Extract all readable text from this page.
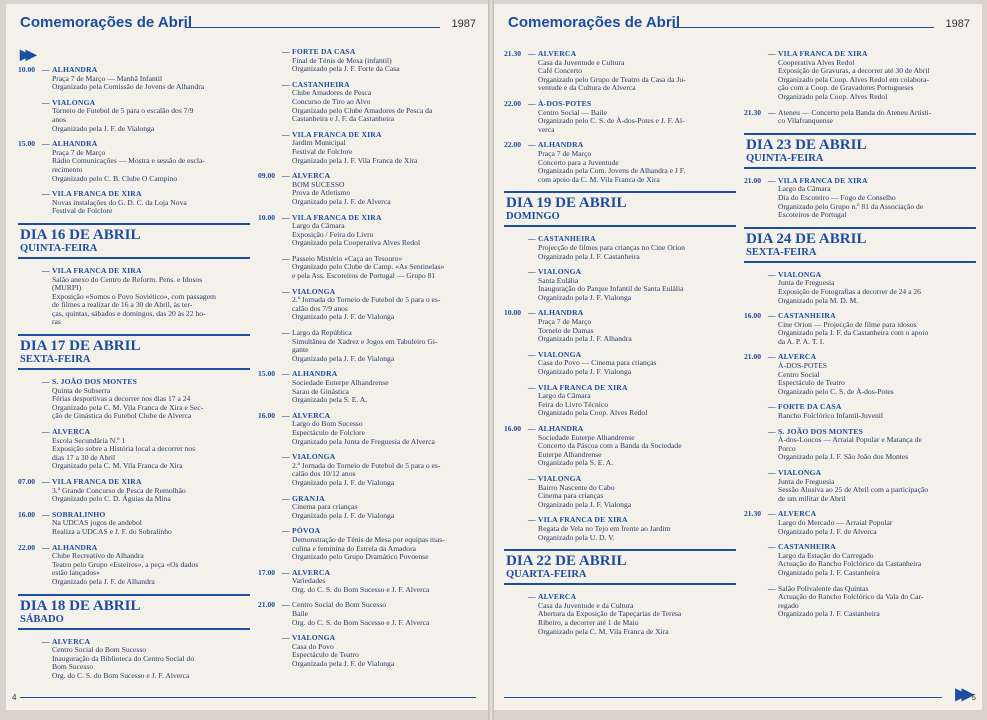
Comemorações de Abril	1987
▶▶
10.00 — ALHANDRA
Praça 7 de Março — Manhã Infantil
Organizado pela Comissão de Jovens de Alhandra
— VIALONGA
Torneio de Futebol de 5 para o escalão dos 7/9
anos
Organizado pela J. F. de Vialonga
15.00 — ALHANDRA
Praça 7 de Março
Rádio Comunicações — Mostra e sessão de escla-
recimento
Organizado pelo C. B. Clube O Campino
— VILA FRANCA DE XIRA
Novas instalações do G. D. C. da Loja Nova
Festival de Folclore
DIA 16 DE ABRIL
QUINTA-FEIRA
— VILA FRANCA DE XIRA
Salão anexo do Centro de Reform. Pens. e Idosos
(MURPI)
Exposição «Somos o Povo Soviético», com passagem
de filmes a realizar de 16 a 30 de Abril, às ter-
ças, quintas, sábados e domingos, das 20 às 22 ho-
ras
DIA 17 DE ABRIL
SEXTA-FEIRA
— S. JOÃO DOS MONTES
Quinta de Subserra
Férias desportivas a decorrer nos dias 17 a 24
Organizado pela C. M. Vila Franca de Xira e Sec-
ção de Ginástica do Futebol Clube de Alverca
— ALVERCA
Escola Secundária N.º 1
Exposição sobre a História local a decorrer nos
dias 17 a 30 de Abril
Organizado pela C. M. Vila Franca de Xira
07.00 — VILA FRANCA DE XIRA
3.º Grande Concurso de Pesca de Remolhão
Organizado pelo C. D. Águias da Mina
16.00 — SOBRALINHO
Na UDCAS jogos de andebol
Realiza a UDCAS e J. F. do Sobralinho
22.00 — ALHANDRA
Clube Recreativo de Alhandra
Teatro pelo Grupo «Esteiros», a peça «Os dados
estão lançados»
Organizado pela J. F. de Alhandra
DIA 18 DE ABRIL
SÁBADO
— ALVERCA
Centro Social do Bom Sucesso
Inauguração da Biblioteca do Centro Social do
Bom Sucesso
Org. do C. S. do Bom Sucesso e J. F. Alverca
— FORTE DA CASA
Final de Ténis de Mesa (infantil)
Organizado pela J. F. Forte da Casa
— CASTANHEIRA
Clube Amadores de Pesca
Concurso de Tiro ao Alvo
Organizado pelo Clube Amadores de Pesca da
Castanheira e J. F. da Castanheira
— VILA FRANCA DE XIRA
Jardim Municipal
Festival de Folclore
Organizado pela J. F. Vila Franca de Xira
09.00 — ALVERCA
BOM SUCESSO
Prova de Atletismo
Organizado pela J. F. de Alverca
10.00 — VILA FRANCA DE XIRA
Largo da Câmara
Exposição / Feira do Livro
Organizado pela Cooperativa Alves Redol
— Passeio Mistério «Caça ao Tesouro»
Organizado pelo Clube de Camp. «As Sentinelas»
e pela Ass. Escoteiros de Portugal — Grupo 81
— VIALONGA
2.ª Jornada do Torneio de Futebol de 5 para o es-
calão dos 7/9 anos
Organizado pela J. F. de Vialonga
— Largo da República
Simultânea de Xadrez e Jogos em Tabuleiro Gi-
gante
Organizado pela J. F. de Vialonga
15.00 — ALHANDRA
Sociedade Euterpe Alhandrense
Sarau de Ginástica
Organizado pela S. E. A.
16.00 — ALVERCA
Largo do Bom Sucesso
Espectáculo de Folclore
Organizado pela Junta de Freguesia de Alverca
— VIALONGA
2.ª Jornada do Torneio de Futebol de 5 para o es-
calão dos 10/12 anos
Organizado pela J. F. de Vialonga
— GRANJA
Cinema para crianças
Organizado pela J. F. de Vialonga
— PÓVOA
Demonstração de Ténis de Mesa por equipas mas-
culina e feminina do Estrela da Amadora
Organizado pelo Grupo Dramático Povoense
17.00 — ALVERCA
Variedades
Org. do C. S. do Bom Sucesso e J. F. Alverca
21.00 — Centro Social do Bom Sucesso
Baile
Org. do C. S. do Bom Sucesso e J. F. Alverca
— VIALONGA
Casa do Povo
Espectáculo de Teatro
Organizado pela J. F. de Vialonga
4
Comemorações de Abril	1987
21.30 — ALVERCA
Casa da Juventude e Cultura
Café Concerto
Organizado pelo Grupo de Teatro da Casa da Ju-
ventude e da Cultura de Alverca
22.00 — À-DOS-POTES
Centro Social — Baile
Organizado pelo C. S. de À-dos-Potes e J. F. Al-
verca
22.00 — ALHANDRA
Praça 7 de Março
Concerto para a Juventude
Organizado pela Com. Jovens de Alhandra e J F.
com apoio da C. M. Vila Franca de Xira
DIA 19 DE ABRIL
DOMINGO
— CASTANHEIRA
Projecção de filmes para crianças no Cine Orion
Organizado pela J. F. Castanheira
— VIALONGA
Santa Eulália
Inauguração do Parque Infantil de Santa Eulália
Organizado pela J. F. Vialonga
10.00 — ALHANDRA
Praça 7 de Março
Torneio de Damas
Organizado pela J. F. Alhandra
— VIALONGA
Casa do Povo — Cinema para crianças
Organizado pela J. F. Vialonga
— VILA FRANCA DE XIRA
Largo da Câmara
Feira do Livro Técnico
Organizado pela Coop. Alves Redol
16.00 — ALHANDRA
Sociedade Euterpe Alhandrense
Concerto da Páscoa com a Banda da Sociedade
Euterpe Alhandrense
Organizado pela S. E. A.
— VIALONGA
Bairro Nascente do Cabo
Cinema para crianças
Organizado pela J. F. Vialonga
— VILA FRANCA DE XIRA
Regata de Vela no Tejo em frente ao Jardim
Organizado pela U. D. V.
DIA 22 DE ABRIL
QUARTA-FEIRA
— ALVERCA
Casa da Juventude e da Cultura
Abertura da Exposição de Tapeçarias de Teresa
Ribeiro, a decorrer até 1 de Maio
Organizado pela C. M. Vila Franca de Xira
— VILA FRANCA DE XIRA
Cooperativa Alves Redol
Exposição de Gravuras, a decorrer até 30 de Abril
Organizado pela Coop. Alves Redol em colabora-
ção com a Coop. de Gravadores Portugueses
Organizado pela Coop. Alves Redol
21.30 — Ateneu — Concerto pela Banda do Ateneu Artísti-
co Vilafranquense
DIA 23 DE ABRIL
QUINTA-FEIRA
21.00 — VILA FRANCA DE XIRA
Largo da Câmara
Dia do Escoteiro — Fogo de Conselho
Organizado pelo Grupo n.º 81 da Associação de
Escoteiros de Portugal
DIA 24 DE ABRIL
SEXTA-FEIRA
— VIALONGA
Junta de Freguesia
Exposição de Fotografias a decorrer de 24 a 26
Organizado pela M. D. M.
16.00 — CASTANHEIRA
Cine Orion — Projecção de filme para idosos
Organizado pela J. F. da Castanheira com o apoio
da A. P. A. T. I.
21.00 — ALVERCA
À-DOS-POTES
Centro Social
Espectáculo de Teatro
Organizado pelo C. S. de À-dos-Potes
— FORTE DA CASA
Rancho Folclórico Infantil-Juvenil
— S. JOÃO DOS MONTES
À-dos-Loucos — Arraial Popular e Matança de
Porco
Organizado pela J. F. São João dos Montes
— VIALONGA
Junta de Freguesia
Sessão Alusiva ao 25 de Abril com a participação
de um militar de Abril
21.30 — ALVERCA
Largo do Mercado — Arraial Popular
Organizado pela J. F. de Alverca
— CASTANHEIRA
Largo da Estação do Carregado
Actuação do Rancho Folclórico da Castanheira
Organizado pela J. F. Castanheira
— Salão Polivalente das Quintas
Actuação do Rancho Folclórico da Vala do Car-
regado
Organizado pela J. F. Castanheira
▶▶ 5
